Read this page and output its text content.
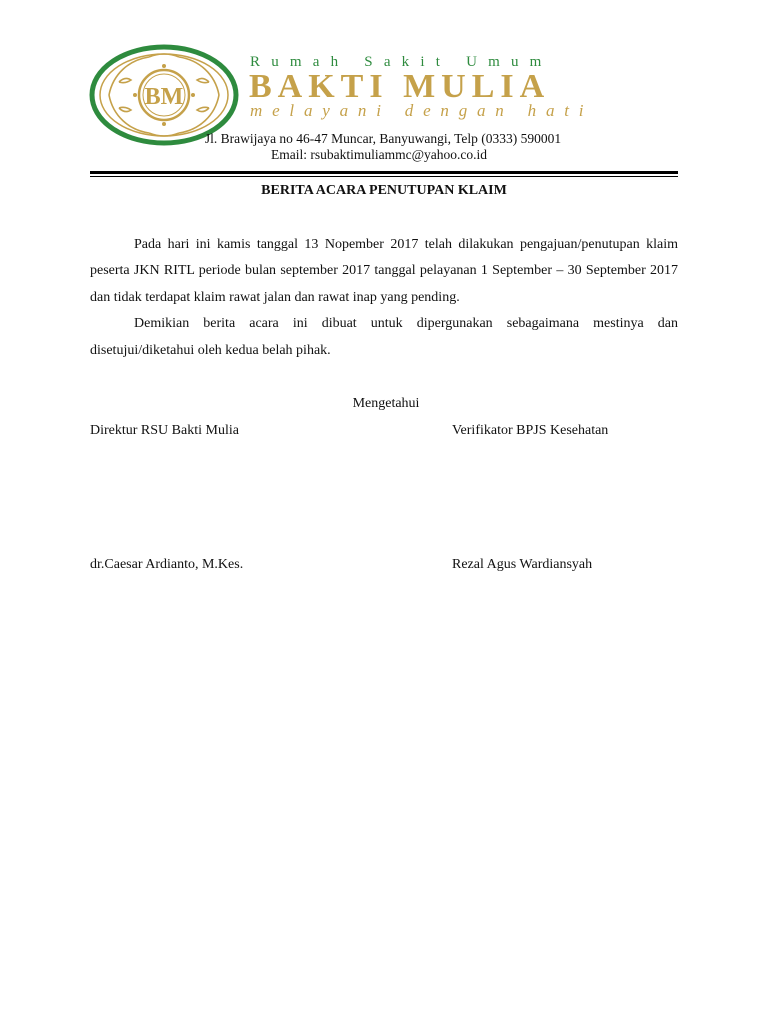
BM
Rumah Sakit Umum
BAKTI MULIA
melayani dengan hati
Jl. Brawijaya no 46-47 Muncar, Banyuwangi, Telp (0333) 590001
Email: rsubaktimuliammc@yahoo.co.id
BERITA ACARA PENUTUPAN KLAIM

Pada hari ini kamis tanggal 13 Nopember 2017 telah dilakukan pengajuan/penutupan klaim peserta JKN RITL periode bulan september 2017 tanggal pelayanan 1 September – 30 September 2017 dan tidak terdapat klaim rawat jalan dan rawat inap yang pending.

Demikian berita acara ini dibuat untuk dipergunakan sebagaimana mestinya dan disetujui/diketahui oleh kedua belah pihak.

Mengetahui
Direktur RSU Bakti Mulia	Verifikator BPJS Kesehatan
dr.Caesar Ardianto, M.Kes.	Rezal Agus Wardiansyah
